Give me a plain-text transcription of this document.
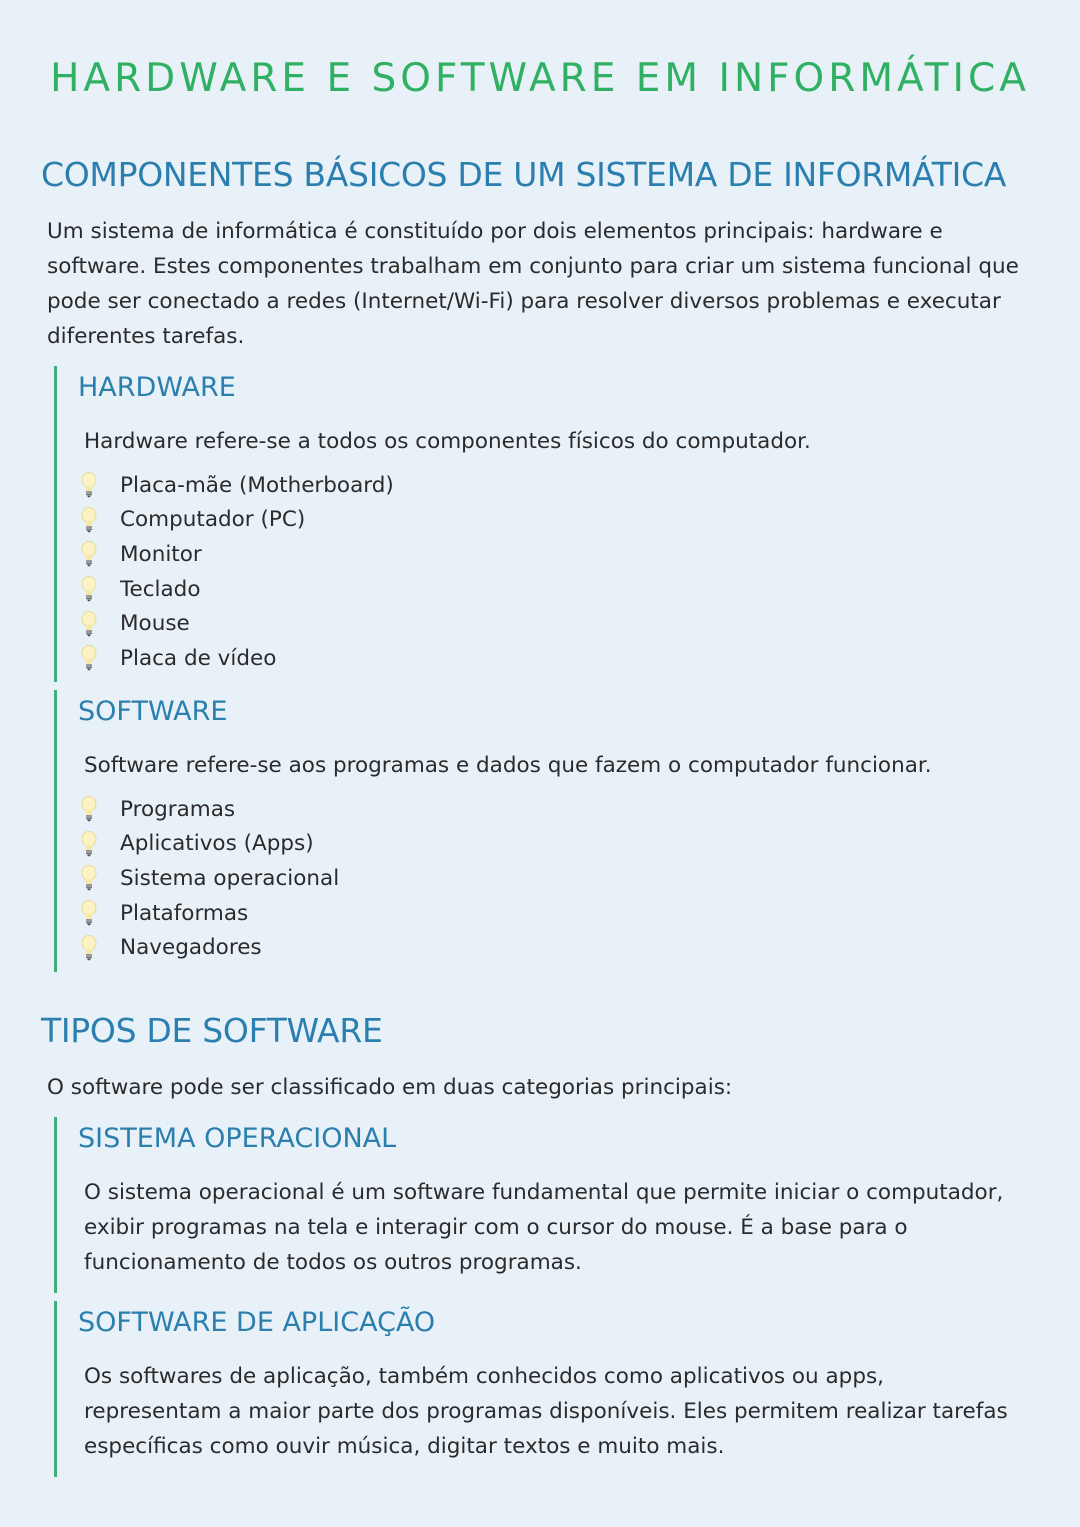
HARDWARE E SOFTWARE EM INFORMÁTICA
COMPONENTES BÁSICOS DE UM SISTEMA DE INFORMÁTICA

Um sistema de informática é constituído por dois elementos principais: hardware e software. Estes componentes trabalham em conjunto para criar um sistema funcional que pode ser conectado a redes (Internet/Wi-Fi) para resolver diversos problemas e executar diferentes tarefas.

HARDWARE

Hardware refere-se a todos os componentes físicos do computador.

Placa-mãe (Motherboard)
Computador (PC)
Monitor
Teclado
Mouse
Placa de vídeo
SOFTWARE

Software refere-se aos programas e dados que fazem o computador funcionar.

Programas
Aplicativos (Apps)
Sistema operacional
Plataformas
Navegadores
TIPOS DE SOFTWARE

O software pode ser classificado em duas categorias principais:

SISTEMA OPERACIONAL

O sistema operacional é um software fundamental que permite iniciar o computador, exibir programas na tela e interagir com o cursor do mouse. É a base para o funcionamento de todos os outros programas.

SOFTWARE DE APLICAÇÃO

Os softwares de aplicação, também conhecidos como aplicativos ou apps, representam a maior parte dos programas disponíveis. Eles permitem realizar tarefas específicas como ouvir música, digitar textos e muito mais.
